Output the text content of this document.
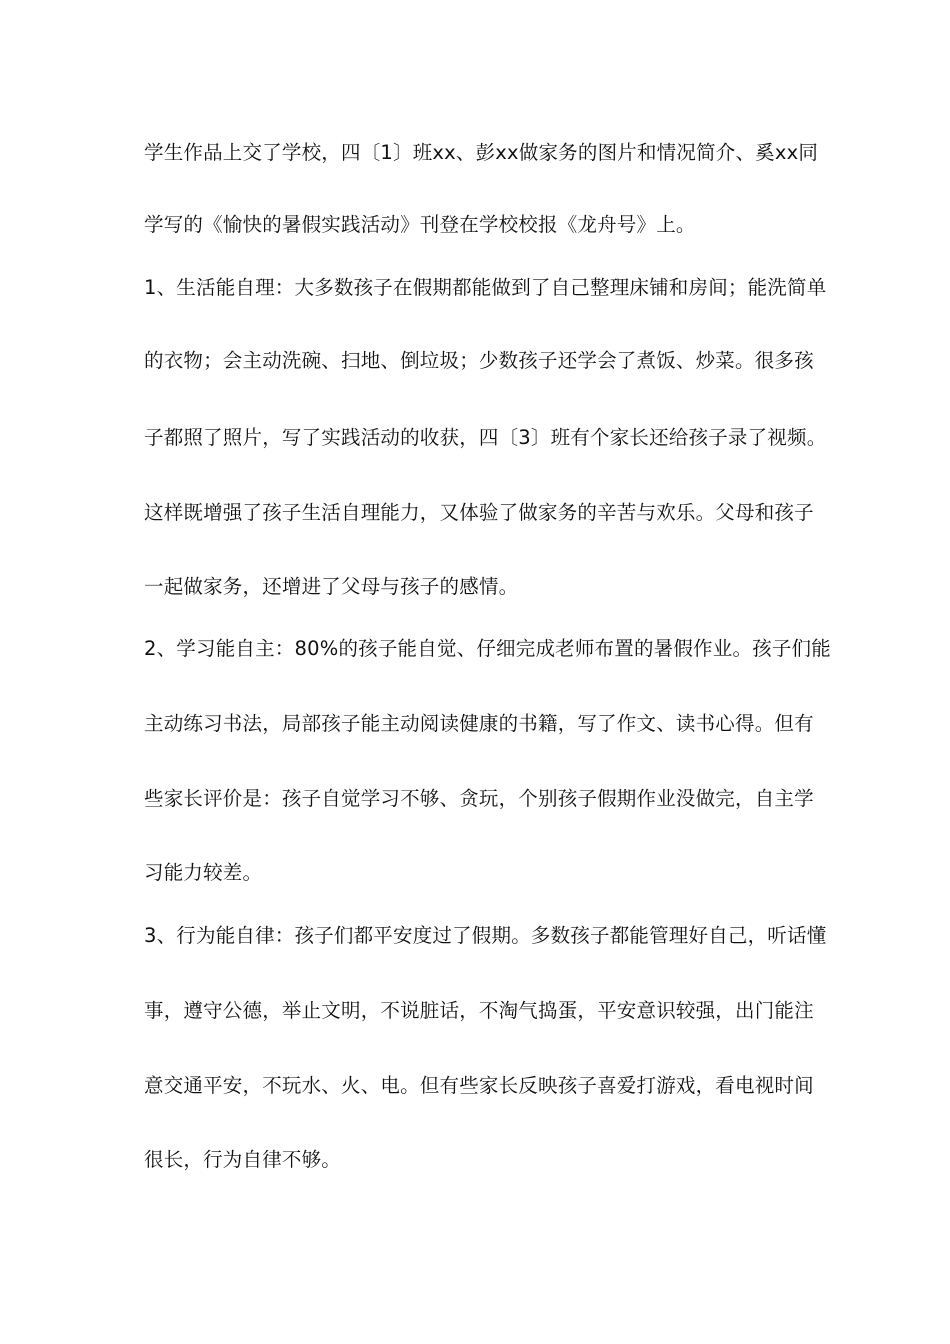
学生作品上交了学校，四〔1〕班xx、彭xx做家务的图片和情况简介、奚xx同
学写的《愉快的暑假实践活动》刊登在学校校报《龙舟号》上。
1、生活能自理：大多数孩子在假期都能做到了自己整理床铺和房间；能洗简单
的衣物；会主动洗碗、扫地、倒垃圾；少数孩子还学会了煮饭、炒菜。很多孩
子都照了照片，写了实践活动的收获，四〔3〕班有个家长还给孩子录了视频。
这样既增强了孩子生活自理能力，又体验了做家务的辛苦与欢乐。父母和孩子
一起做家务，还增进了父母与孩子的感情。
2、学习能自主：80%的孩子能自觉、仔细完成老师布置的暑假作业。孩子们能
主动练习书法，局部孩子能主动阅读健康的书籍，写了作文、读书心得。但有
些家长评价是：孩子自觉学习不够、贪玩，个别孩子假期作业没做完，自主学
习能力较差。
3、行为能自律：孩子们都平安度过了假期。多数孩子都能管理好自己，听话懂
事，遵守公德，举止文明，不说脏话，不淘气捣蛋，平安意识较强，出门能注
意交通平安，不玩水、火、电。但有些家长反映孩子喜爱打游戏，看电视时间
很长，行为自律不够。
